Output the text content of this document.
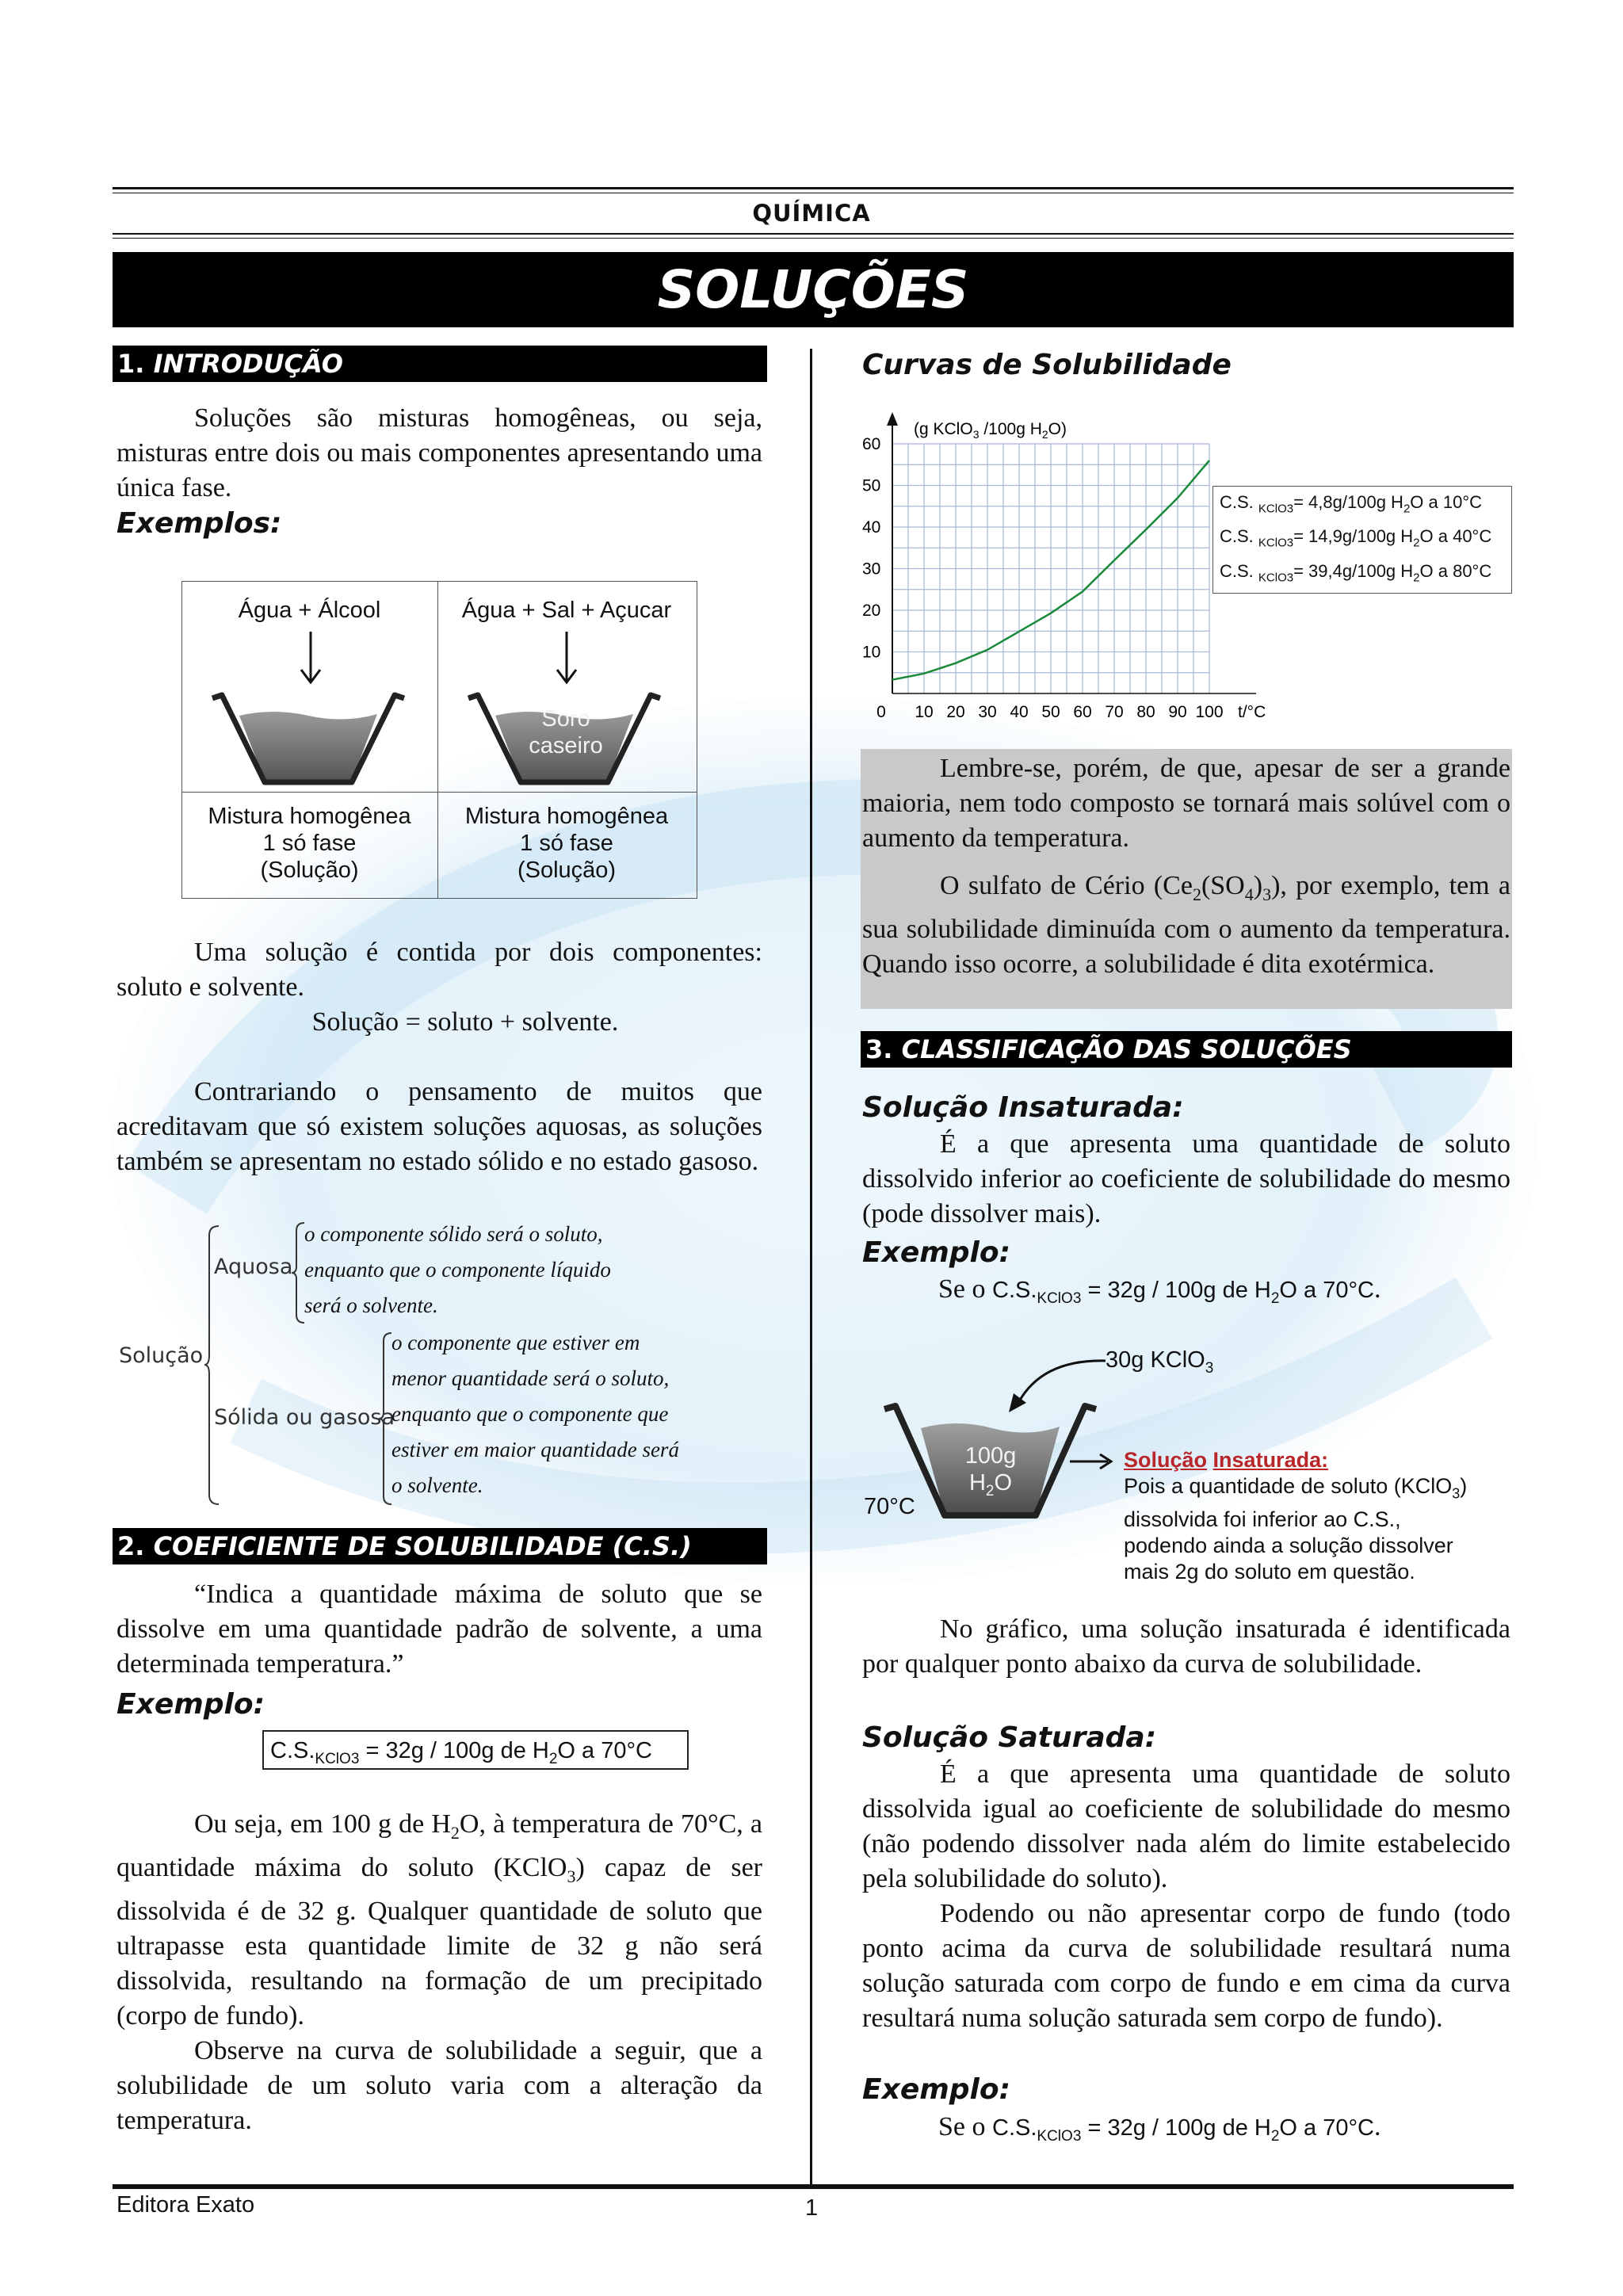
QUÍMICA
SOLUÇÕES
1. INTRODUÇÃO

Soluções são misturas homogêneas, ou seja, misturas entre dois ou mais componentes apresentando uma única fase.

Exemplos:
Água + Álcool	Água + Sal + Açucar
Soro
caseiro
Mistura homogênea
1 só fase
(Solução)
Mistura homogênea
1 só fase
(Solução)

Uma solução é contida por dois componentes: soluto e solvente.

Solução = soluto + solvente.

Contrariando o pensamento de muitos que acreditavam que só existem soluções aquosas, as soluções também se apresentam no estado sólido e no estado gasoso.

Solução
Aquosa
o componente sólido será o soluto,
enquanto que o componente líquido
será o solvente.
Sólida ou gasosa
o componente que estiver em
menor quantidade será o soluto,
enquanto que o componente que
estiver em maior quantidade será
o solvente.
2. COEFICIENTE DE SOLUBILIDADE (C.S.)

“Indica a quantidade máxima de soluto que se dissolve em uma quantidade padrão de solvente, a uma determinada temperatura.”

Exemplo:
$C.S._{KClO3} = 32g / 100g$ de $H_2O$ a 70°C

Ou seja, em 100 g de $H_2O$, à temperatura de 70°C, a quantidade máxima do soluto (KClO$_3$) capaz de ser dissolvida é de 32 g. Qualquer quantidade de soluto que ultrapasse esta quantidade limite de 32 g não será dissolvida, resultando na formação de um precipitado (corpo de fundo).

Observe na curva de solubilidade a seguir, que a solubilidade de um soluto varia com a alteração da temperatura.

Curvas de Solubilidade
10
20
30
40
50
60
0 10 20 30 40 50 60 70 80 90 100
(g KClO$_3$ /100g $H_2O$)
t/°C
C.S. $_{KClO3}$= 4,8g/100g $H_2O$ a 10°C
C.S. $_{KClO3}$= 14,9g/100g $H_2O$ a 40°C
C.S. $_{KClO3}$= 39,4g/100g $H_2O$ a 80°C

Lembre-se, porém, de que, apesar de ser a grande maioria, nem todo composto se tornará mais solúvel com o aumento da temperatura.

O sulfato de Cério $(Ce_2(SO_4)_3)$, por exemplo, tem a sua solubilidade diminuída com o aumento da temperatura. Quando isso ocorre, a solubilidade é dita exotérmica.

3. CLASSIFICAÇÃO DAS SOLUÇÕES
Solução Insaturada:

É a que apresenta uma quantidade de soluto dissolvido inferior ao coeficiente de solubilidade do mesmo (pode dissolver mais).

Exemplo:
Se o $C.S._{KClO3} = 32g / 100g$ de $H_2O$ a 70°C.
30g KClO$_3$
100g
$H_2O$
70°C
Solução Insaturada:
Pois a quantidade de soluto (KClO$_3$)
dissolvida foi inferior ao C.S.,
podendo ainda a solução dissolver
mais 2g do soluto em questão.

No gráfico, uma solução insaturada é identificada por qualquer ponto abaixo da curva de solubilidade.

Solução Saturada:

É a que apresenta uma quantidade de soluto dissolvida igual ao coeficiente de solubilidade do mesmo (não podendo dissolver nada além do limite estabelecido pela solubilidade do soluto).

Podendo ou não apresentar corpo de fundo (todo ponto acima da curva de solubilidade resultará numa solução saturada com corpo de fundo e em cima da curva resultará numa solução saturada sem corpo de fundo).

Exemplo:
Se o $C.S._{KClO3} = 32g / 100g$ de $H_2O$ a 70°C.
Editora Exato	1
